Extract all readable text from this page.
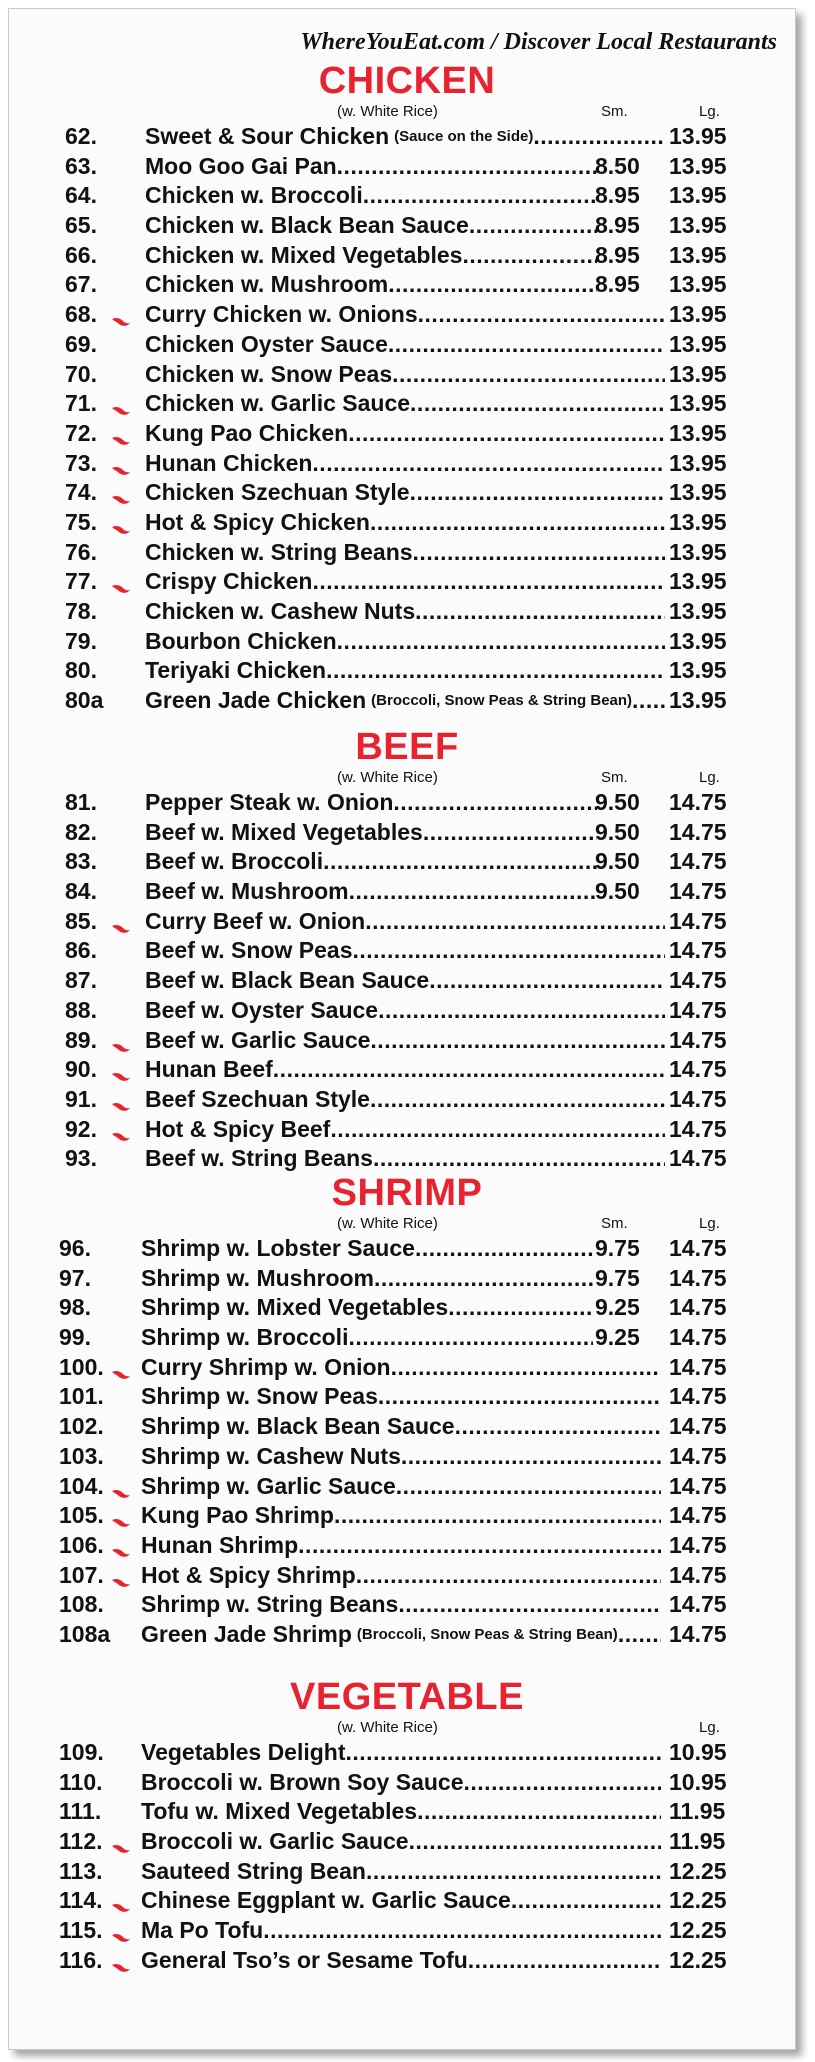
WhereYouEat.com / Discover Local Restaurants
CHICKEN
(w. White Rice)	Sm.	Lg.
62.	Sweet & Sour Chicken (Sauce on the Side) .....	13.95
63.	Moo Goo Gai Pan .....	8.50 13.95
64.	Chicken w. Broccoli .....	8.95 13.95
65.	Chicken w. Black Bean Sauce .....	8.95 13.95
66.	Chicken w. Mixed Vegetables .....	8.95 13.95
67.	Chicken w. Mushroom .....	8.95 13.95
68.	Curry Chicken w. Onions .....	13.95
69.	Chicken Oyster Sauce .....	13.95
70.	Chicken w. Snow Peas .....	13.95
71.	Chicken w. Garlic Sauce .....	13.95
72.	Kung Pao Chicken .....	13.95
73.	Hunan Chicken .....	13.95
74.	Chicken Szechuan Style .....	13.95
75.	Hot & Spicy Chicken .....	13.95
76.	Chicken w. String Beans .....	13.95
77.	Crispy Chicken .....	13.95
78.	Chicken w. Cashew Nuts .....	13.95
79.	Bourbon Chicken .....	13.95
80.	Teriyaki Chicken .....	13.95
80a	Green Jade Chicken (Broccoli, Snow Peas & String Bean) ..... 13.95
BEEF
(w. White Rice)	Sm.	Lg.
81.	Pepper Steak w. Onion .....	9.50 14.75
82.	Beef w. Mixed Vegetables .....	9.50 14.75
83.	Beef w. Broccoli .....	9.50 14.75
84.	Beef w. Mushroom .....	9.50 14.75
85.	Curry Beef w. Onion .....	14.75
86.	Beef w. Snow Peas .....	14.75
87.	Beef w. Black Bean Sauce .....	14.75
88.	Beef w. Oyster Sauce .....	14.75
89.	Beef w. Garlic Sauce .....	14.75
90.	Hunan Beef .....	14.75
91.	Beef Szechuan Style .....	14.75
92.	Hot & Spicy Beef .....	14.75
93.	Beef w. String Beans .....	14.75
SHRIMP
(w. White Rice)	Sm.	Lg.
96.	Shrimp w. Lobster Sauce .....	9.75 14.75
97.	Shrimp w. Mushroom .....	9.75 14.75
98.	Shrimp w. Mixed Vegetables .....	9.25 14.75
99.	Shrimp w. Broccoli .....	9.25 14.75
100.	Curry Shrimp w. Onion .....	14.75
101.	Shrimp w. Snow Peas .....	14.75
102.	Shrimp w. Black Bean Sauce .....	14.75
103.	Shrimp w. Cashew Nuts .....	14.75
104.	Shrimp w. Garlic Sauce .....	14.75
105.	Kung Pao Shrimp .....	14.75
106.	Hunan Shrimp .....	14.75
107.	Hot & Spicy Shrimp .....	14.75
108.	Shrimp w. String Beans .....	14.75
108a	Green Jade Shrimp (Broccoli, Snow Peas & String Bean) ..... 14.75
VEGETABLE
(w. White Rice)	Lg.
109.	Vegetables Delight .....	10.95
110.	Broccoli w. Brown Soy Sauce .....	10.95
111.	Tofu w. Mixed Vegetables .....	11.95
112.	Broccoli w. Garlic Sauce .....	11.95
113.	Sauteed String Bean .....	12.25
114.	Chinese Eggplant w. Garlic Sauce .....	12.25
115.	Ma Po Tofu .....	12.25
116.	General Tso’s or Sesame Tofu .....	12.25
